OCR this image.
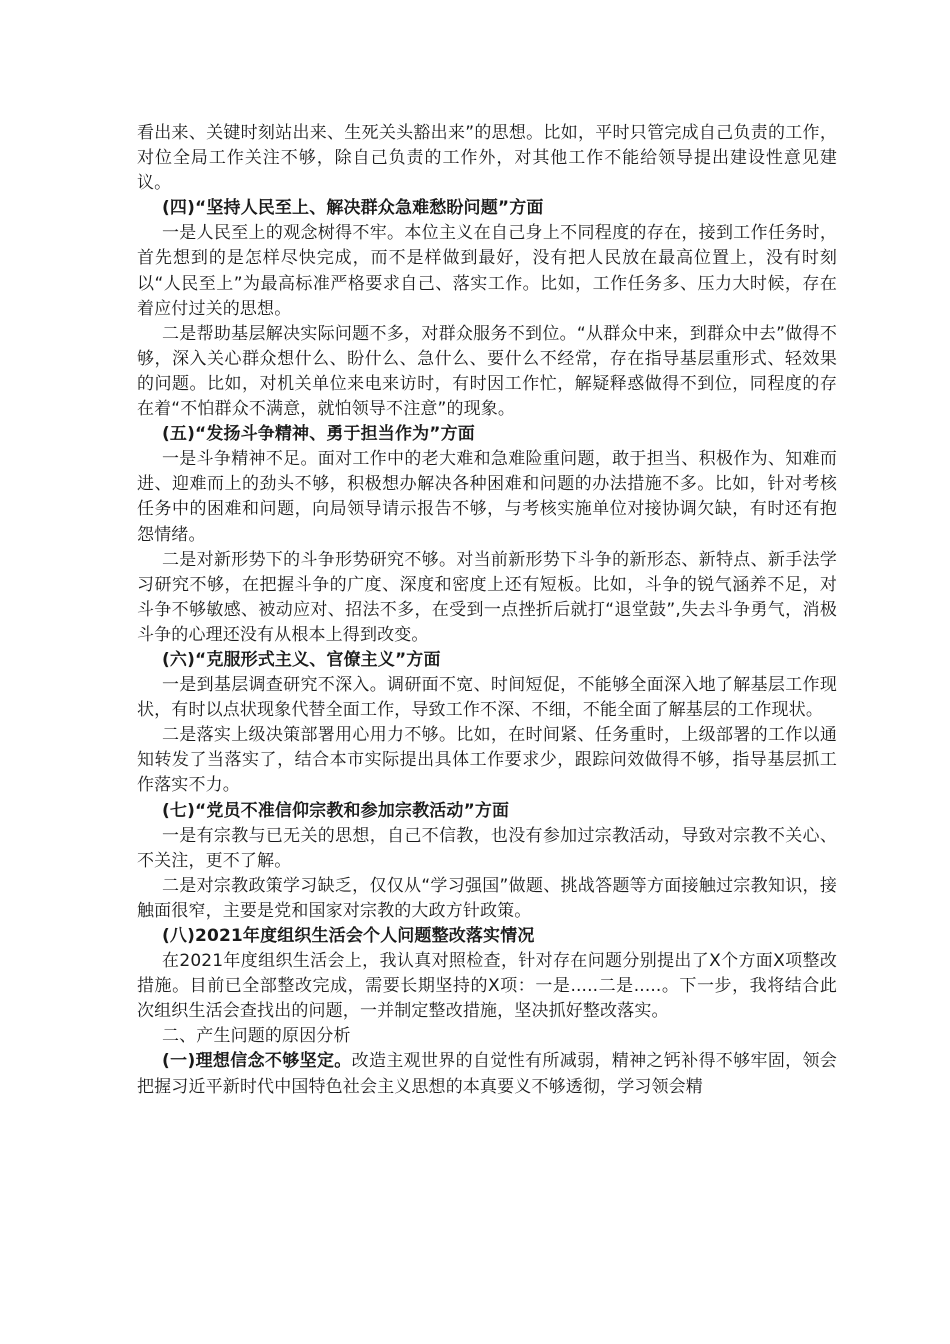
看出来、关键时刻站出来、生死关头豁出来”的思想。比如，平时只管完成自己负责的工作，对位全局工作关注不够，除自己负责的工作外，对其他工作不能给领导提出建设性意见建议。

(四)“坚持人民至上、解决群众急难愁盼问题”方面

一是人民至上的观念树得不牢。本位主义在自己身上不同程度的存在，接到工作任务时，首先想到的是怎样尽快完成，而不是样做到最好，没有把人民放在最高位置上，没有时刻以“人民至上”为最高标准严格要求自己、落实工作。比如，工作任务多、压力大时候，存在着应付过关的思想。

二是帮助基层解决实际问题不多，对群众服务不到位。“从群众中来，到群众中去”做得不够，深入关心群众想什么、盼什么、急什么、要什么不经常，存在指导基层重形式、轻效果的问题。比如，对机关单位来电来访时，有时因工作忙，解疑释惑做得不到位，同程度的存在着“不怕群众不满意，就怕领导不注意”的现象。

(五)“发扬斗争精神、勇于担当作为”方面

一是斗争精神不足。面对工作中的老大难和急难险重问题，敢于担当、积极作为、知难而进、迎难而上的劲头不够，积极想办解决各种困难和问题的办法措施不多。比如，针对考核任务中的困难和问题，向局领导请示报告不够，与考核实施单位对接协调欠缺，有时还有抱怨情绪。

二是对新形势下的斗争形势研究不够。对当前新形势下斗争的新形态、新特点、新手法学习研究不够，在把握斗争的广度、深度和密度上还有短板。比如，斗争的锐气涵养不足，对斗争不够敏感、被动应对、招法不多，在受到一点挫折后就打“退堂鼓”,失去斗争勇气，消极斗争的心理还没有从根本上得到改变。

(六)“克服形式主义、官僚主义”方面

一是到基层调查研究不深入。调研面不宽、时间短促，不能够全面深入地了解基层工作现状，有时以点状现象代替全面工作，导致工作不深、不细，不能全面了解基层的工作现状。

二是落实上级决策部署用心用力不够。比如，在时间紧、任务重时，上级部署的工作以通知转发了当落实了，结合本市实际提出具体工作要求少，跟踪问效做得不够，指导基层抓工作落实不力。

(七)“党员不准信仰宗教和参加宗教活动”方面

一是有宗教与已无关的思想，自己不信教，也没有参加过宗教活动，导致对宗教不关心、不关注，更不了解。

二是对宗教政策学习缺乏，仅仅从“学习强国”做题、挑战答题等方面接触过宗教知识，接触面很窄，主要是党和国家对宗教的大政方针政策。

(八)2021年度组织生活会个人问题整改落实情况

在2021年度组织生活会上，我认真对照检查，针对存在问题分别提出了X个方面X项整改措施。目前已全部整改完成，需要长期坚持的X项：一是.....二是.....。下一步，我将结合此次组织生活会查找出的问题，一并制定整改措施，坚决抓好整改落实。

二、产生问题的原因分析

(一)理想信念不够坚定。改造主观世界的自觉性有所减弱，精神之钙补得不够牢固，领会把握习近平新时代中国特色社会主义思想的本真要义不够透彻，学习领会精
